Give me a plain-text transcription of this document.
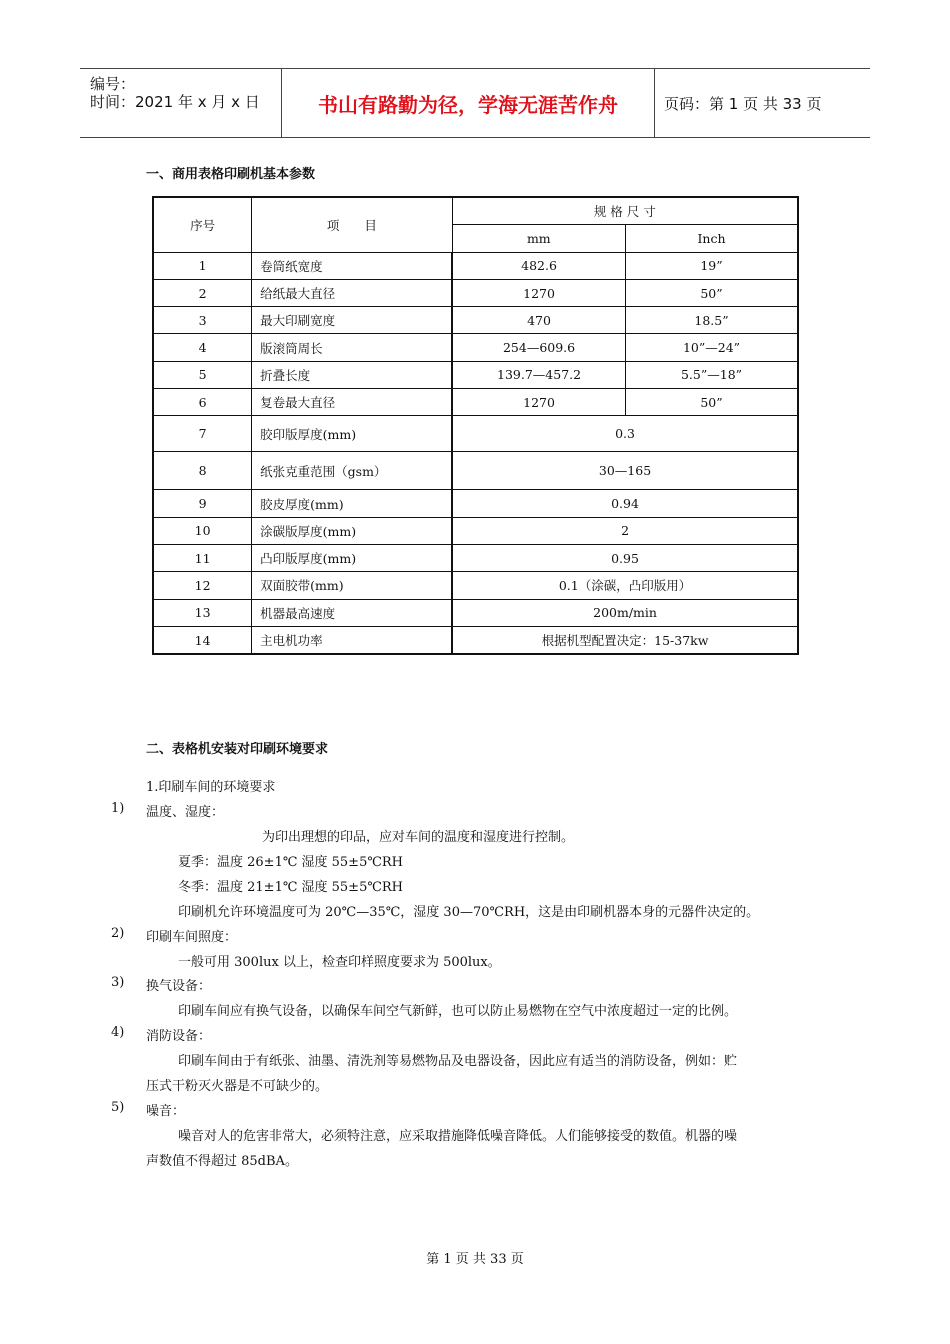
编号：
时间：2021 年 x 月 x 日	书山有路勤为径，学海无涯苦作舟	页码：第 1 页 共 33 页
一、商用表格印刷机基本参数
序号	项　　目	规 格 尺 寸	
		mm	Inch
1	卷筒纸宽度	482.6	19”
2	给纸最大直径	1270	50”
3	最大印刷宽度	470	18.5”
4	版滚筒周长	254—609.6	10”—24”
5	折叠长度	139.7—457.2	5.5”—18”
6	复卷最大直径	1270	50”
7	胶印版厚度(mm)	0.3	
8	纸张克重范围（gsm）	30—165	
9	胶皮厚度(mm)	0.94	
10	涂碳版厚度(mm)	2	
11	凸印版厚度(mm)	0.95	
12	双面胶带(mm)	0.1（涂碳，凸印版用）	
13	机器最高速度	200m/min	
14	主电机功率	根据机型配置决定：15-37kw	
二、表格机安装对印刷环境要求
1.印刷车间的环境要求
1) 温度、湿度：
为印出理想的印品，应对车间的温度和湿度进行控制。
夏季：温度 26±1℃ 湿度 55±5℃RH
冬季：温度 21±1℃ 湿度 55±5℃RH
印刷机允许环境温度可为 20℃—35℃，湿度 30—70℃RH，这是由印刷机器本身的元器件决定的。
2) 印刷车间照度：
一般可用 300lux 以上，检查印样照度要求为 500lux。
3) 换气设备：
印刷车间应有换气设备，以确保车间空气新鲜，也可以防止易燃物在空气中浓度超过一定的比例。
4) 消防设备：
印刷车间由于有纸张、油墨、清洗剂等易燃物品及电器设备，因此应有适当的消防设备，例如：贮
压式干粉灭火器是不可缺少的。
5) 噪音：
噪音对人的危害非常大，必须特注意，应采取措施降低噪音降低。人们能够接受的数值。机器的噪
声数值不得超过 85dBA。
第 1 页 共 33 页
